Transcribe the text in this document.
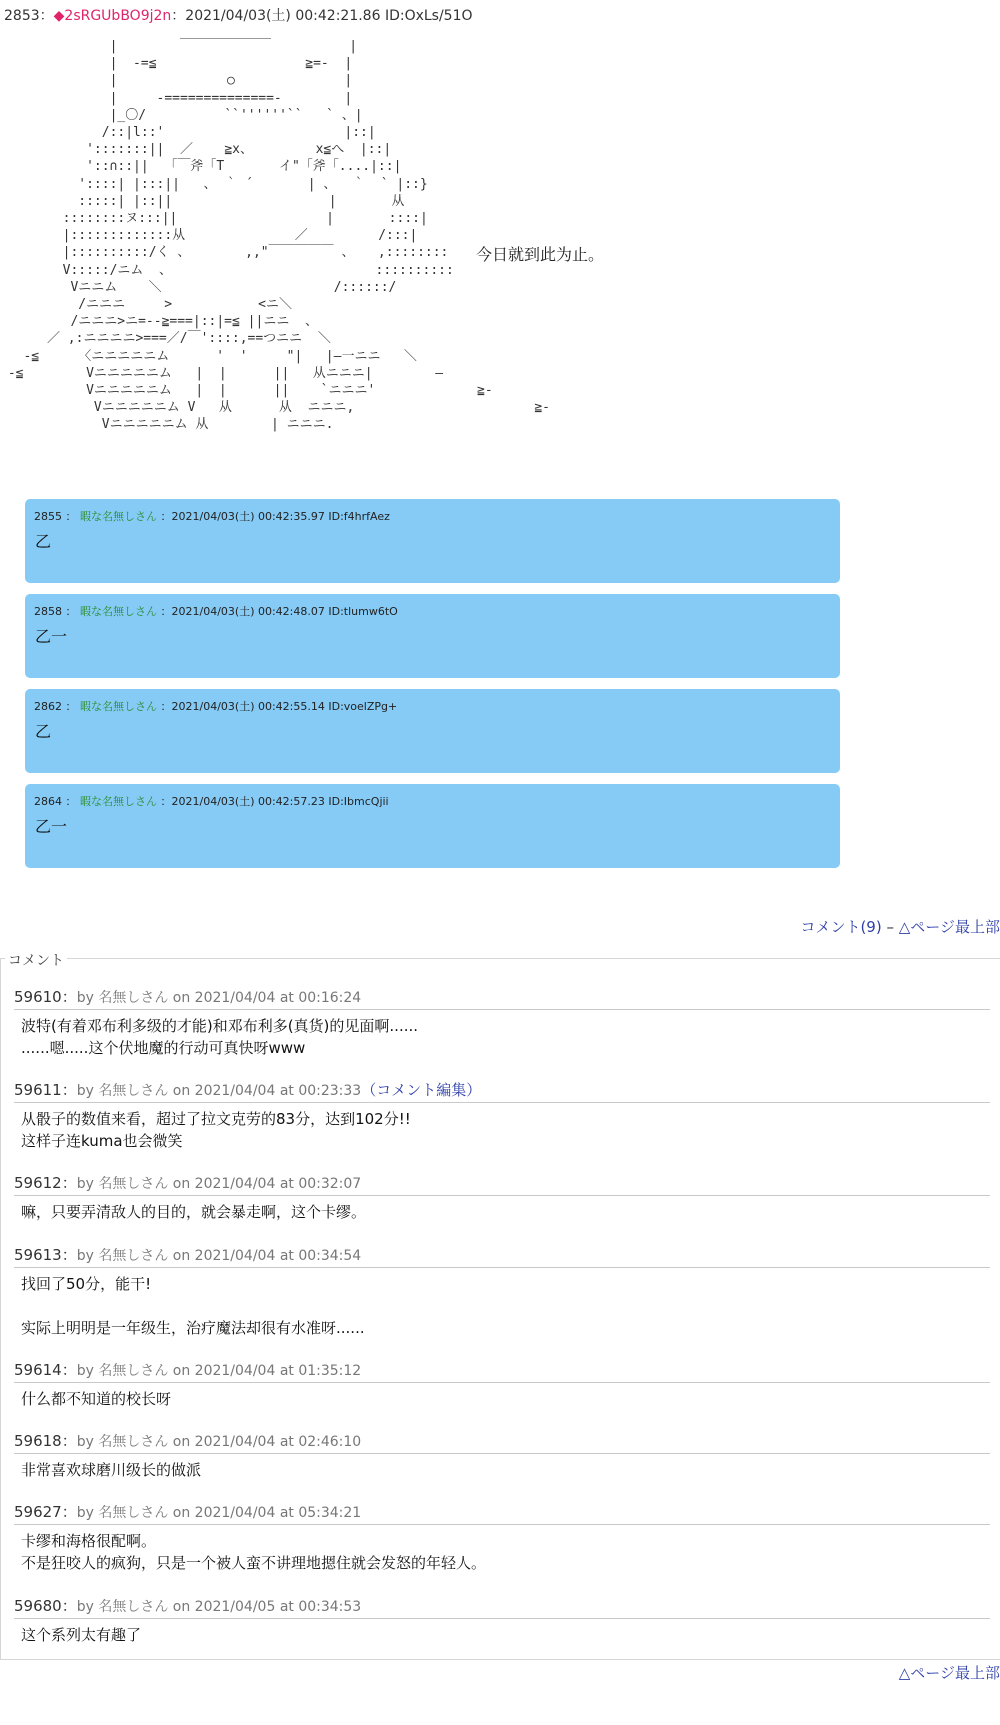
2853：◆2sRGUbBO9j2n：2021/04/03(土) 00:42:21.86 ID:OxLs/51O
|        ￣￣￣￣￣￣￣          |
|  -=≦                   ≧=-  |
|              ○              |
|     -==============-        |
|_〇/          ``''''''``   ` 、|
/::|l::'                       |::|
':::::::||  ／    ≧x、        x≦へ  |::|
'::∩::||  「￣斧「T       イ"「斧「....|::|
'::::| |:::||   、 ｀ ´       | 、  ｀  ` |::}
:::::| |::||                    |       从
::::::::ヌ:::||                   |       ::::|
|:::::::::::::从              ／         /:::|
|::::::::::/く 、       ,,"￣￣￣￣￣ 、   ,::::::::
V:::::/ニム  、                          ::::::::::
Vニニム    ＼                      /::::::/
/ニニニ     >           <ニ＼
/ニニニ>ニ=--≧===|::|=≦ ||ニニ  、
／ ,:ニニニニ>===／/￣'::::,==つニニ  ＼
-≦     〈ニニニニニム      '  '     "|   |―一ニニ   ＼
-≦        Vニニニニニム   |  |      ||   从ニニニ|        ―
Vニニニニニム   |  |      ||    `ニニニ'             ≧-
Vニニニニニム V   从      从  ニニニ,                       ≧-
Vニニニニニム 从        | ニニニ.
今日就到此为止。
2855 ： 暇な名無しさん ：2021/04/03(土) 00:42:35.97 ID:f4hrfAez
乙
2858 ： 暇な名無しさん ：2021/04/03(土) 00:42:48.07 ID:tlumw6tO
乙一
2862 ： 暇な名無しさん ：2021/04/03(土) 00:42:55.14 ID:voelZPg+
乙
2864 ： 暇な名無しさん ：2021/04/03(土) 00:42:57.23 ID:IbmcQjii
乙一
コメント(9) – △ページ最上部
コメント
59610：by 名無しさん on 2021/04/04 at 00:16:24
波特(有着邓布利多级的才能)和邓布利多(真货)的见面啊......
......嗯.....这个伏地魔的行动可真快呀www
59611：by 名無しさん on 2021/04/04 at 00:23:33（コメント編集）
从骰子的数值来看，超过了拉文克劳的83分，达到102分!!
这样子连kuma也会微笑
59612：by 名無しさん on 2021/04/04 at 00:32:07
嘛，只要弄清敌人的目的，就会暴走啊，这个卡缪。
59613：by 名無しさん on 2021/04/04 at 00:34:54
找回了50分，能干!

实际上明明是一年级生，治疗魔法却很有水准呀......
59614：by 名無しさん on 2021/04/04 at 01:35:12
什么都不知道的校长呀
59618：by 名無しさん on 2021/04/04 at 02:46:10
非常喜欢球磨川级长的做派
59627：by 名無しさん on 2021/04/04 at 05:34:21
卡缪和海格很配啊。
不是狂咬人的疯狗，只是一个被人蛮不讲理地摁住就会发怒的年轻人。
59680：by 名無しさん on 2021/04/05 at 00:34:53
这个系列太有趣了
△ページ最上部
